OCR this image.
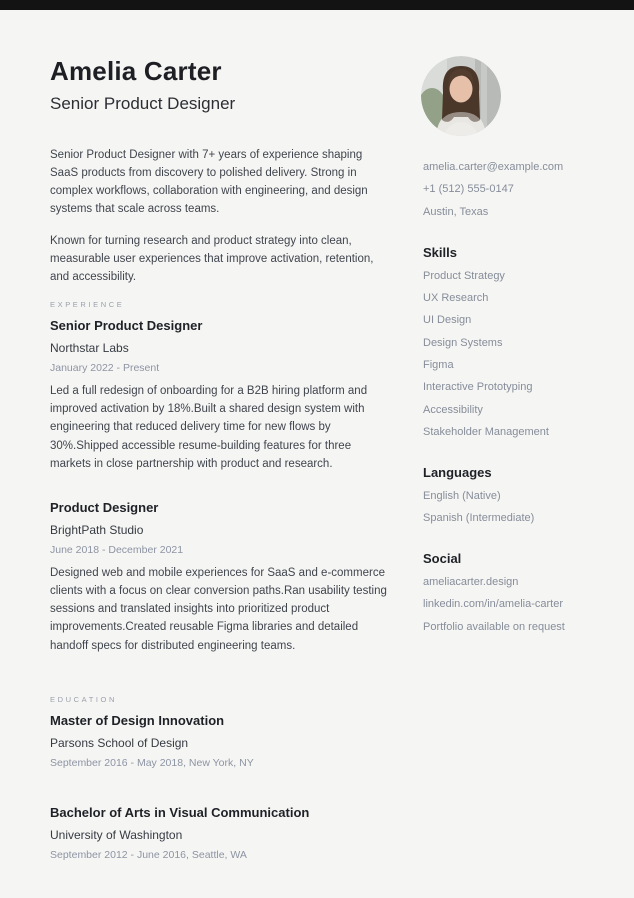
Amelia Carter
Senior Product Designer

Senior Product Designer with 7+ years of experience shaping SaaS products from discovery to polished delivery. Strong in complex workflows, collaboration with engineering, and design systems that scale across teams.

Known for turning research and product strategy into clean, measurable user experiences that improve activation, retention, and accessibility.

EXPERIENCE
Senior Product Designer
Northstar Labs
January 2022 - Present
Led a full redesign of onboarding for a B2B hiring platform and improved activation by 18%.Built a shared design system with engineering that reduced delivery time for new flows by 30%.Shipped accessible resume-building features for three markets in close partnership with product and research.
Product Designer
BrightPath Studio
June 2018 - December 2021
Designed web and mobile experiences for SaaS and e-commerce clients with a focus on clear conversion paths.Ran usability testing sessions and translated insights into prioritized product improvements.Created reusable Figma libraries and detailed handoff specs for distributed engineering teams.
EDUCATION
Master of Design Innovation
Parsons School of Design
September 2016 - May 2018, New York, NY
Bachelor of Arts in Visual Communication
University of Washington
September 2012 - June 2016, Seattle, WA
amelia.carter@example.com
+1 (512) 555-0147
Austin, Texas
Skills
Product Strategy
UX Research
UI Design
Design Systems
Figma
Interactive Prototyping
Accessibility
Stakeholder Management
Languages
English (Native)
Spanish (Intermediate)
Social
ameliacarter.design
linkedin.com/in/amelia-carter
Portfolio available on request
